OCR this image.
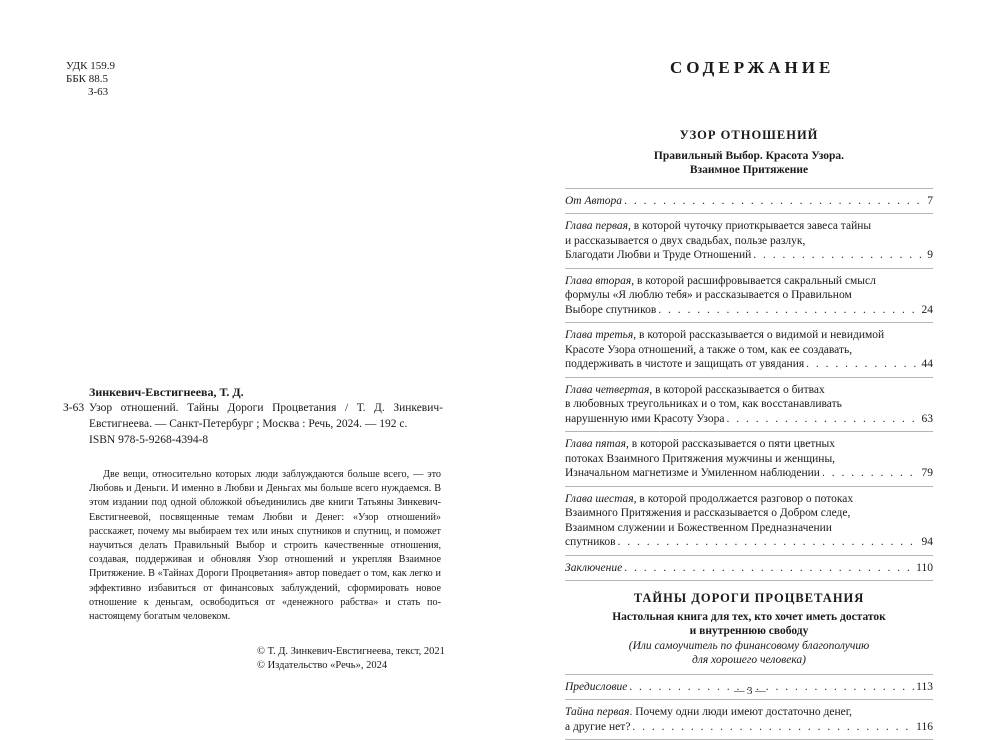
УДК 159.9
ББК 88.5
З-63
Зинкевич-Евстигнеева, Т. Д.
З-63 Узор отношений. Тайны Дороги Процветания / Т. Д. Зинкевич-Евстигнеева. — Санкт-Петербург ; Москва : Речь, 2024. — 192 с.
ISBN 978-5-9268-4394-8
Две вещи, относительно которых люди заблуждаются больше всего, — это Любовь и Деньги. И именно в Любви и Деньгах мы больше всего нуждаемся. В этом издании под одной обложкой объединились две книги Татьяны Зинкевич-Евстигнеевой, посвященные темам Любви и Денег: «Узор отношений» расскажет, почему мы выбираем тех или иных спутников и спутниц, и поможет научиться делать Правильный Выбор и строить качественные отношения, создавая, поддерживая и обновляя Узор отношений и укрепляя Взаимное Притяжение. В «Тайнах Дороги Процветания» автор поведает о том, как легко и эффективно избавиться от финансовых заблуждений, сформировать новое отношение к деньгам, освободиться от «денежного рабства» и стать по-настоящему богатым человеком.
© Т. Д. Зинкевич-Евстигнеева, текст, 2021
© Издательство «Речь», 2024
СОДЕРЖАНИЕ
УЗОР ОТНОШЕНИЙ
Правильный Выбор. Красота Узора.
Взаимное Притяжение
От Автора . . .	7
Глава первая, в которой чуточку приоткрывается завеса тайны
и рассказывается о двух свадьбах, пользе разлук,
Благодати Любви и Труде Отношений . . .	9
Глава вторая, в которой расшифровывается сакральный смысл
формулы «Я люблю тебя» и рассказывается о Правильном
Выборе спутников . . .	24
Глава третья, в которой рассказывается о видимой и невидимой
Красоте Узора отношений, а также о том, как ее создавать,
поддерживать в чистоте и защищать от увядания . . .	44
Глава четвертая, в которой рассказывается о битвах
в любовных треугольниках и о том, как восстанавливать
нарушенную ими Красоту Узора . . .	63
Глава пятая, в которой рассказывается о пяти цветных
потоках Взаимного Притяжения мужчины и женщины,
Изначальном магнетизме и Умиленном наблюдении . . .	79
Глава шестая, в которой продолжается разговор о потоках
Взаимного Притяжения и рассказывается о Добром следе,
Взаимном служении и Божественном Предназначении
спутников . . .	94
Заключение . . .	110
ТАЙНЫ ДОРОГИ ПРОЦВЕТАНИЯ
Настольная книга для тех, кто хочет иметь достаток
и внутреннюю свободу
(Или самоучитель по финансовому благополучию
для хорошего человека)
Предисловие . . .	113
Тайна первая. Почему одни люди имеют достаточно денег,
а другие нет? . . .	116
— 3 —
